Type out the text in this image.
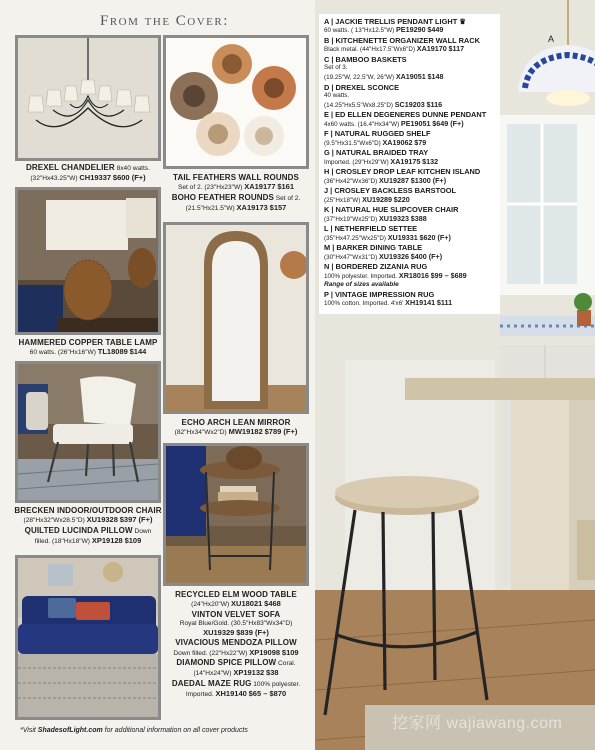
From the Cover:
DREXEL CHANDELIER 8x40 watts.
(32"Hx43.25"W) CH19337 $600 (F+)
HAMMERED COPPER TABLE LAMP
60 watts. (26"Hx16"W) TL18089 $144
BRECKEN INDOOR/OUTDOOR CHAIR
(28"Hx32"Wx28.5"D) XU19328 $397 (F+)
QUILTED LUCINDA PILLOW Down
filled. (18"Hx18"W) XP19128 $109
TAIL FEATHERS WALL ROUNDS
Set of 2. (23"Hx23"W) XA19177 $161
BOHO FEATHER ROUNDS Set of 2.
(21.5"Hx21.5"W) XA19173 $157
ECHO ARCH LEAN MIRROR
(82"Hx34"Wx2"D) MW19182 $789 (F+)
RECYCLED ELM WOOD TABLE
(24"Hx20"W) XU18021 $468
VINTON VELVET SOFA
Royal Blue/Gold. (30.5"Hx83"Wx34"D)
XU19329 $839 (F+)
VIVACIOUS MENDOZA PILLOW
Down filled. (22"Hx22"W) XP19098 $109
DIAMOND SPICE PILLOW Coral.
(14"Hx24"W) XP19132 $38
DAEDAL MAZE RUG 100% polyester.
Imported. XH19140 $65 – $870
A
挖家网 wajiawang.com
A | JACKIE TRELLIS PENDANT LIGHT ♛
60 watts. ( 13"Hx12.5"W) PE19290 $449
B | KITCHENETTE ORGANIZER WALL RACK
Black metal. (44"Hx17.5"Wx6"D) XA19170 $117
C | BAMBOO BASKETS
Set of 3.
(19.25"W, 22.5"W, 26"W) XA19051 $148
D | DREXEL SCONCE
40 watts.
(14.25"Hx5.5"Wx8.25"D) SC19203 $116
E | ED ELLEN DEGENERES DUNNE PENDANT
4x60 watts. (16.4"Hx34"W) PE19051 $649 (F+)
F | NATURAL RUGGED SHELF
(9.5"Hx31.5"Wx6"D) XA19062 $79
G | NATURAL BRAIDED TRAY
Imported. (29"Hx29"W) XA19175 $132
H | CROSLEY DROP LEAF KITCHEN ISLAND
(36"Hx42"Wx36"D) XU19287 $1300 (F+)
J | CROSLEY BACKLESS BARSTOOL
(25"Hx18"W) XU19289 $220
K | NATURAL HUE SLIPCOVER CHAIR
(37"Hx19"Wx25"D) XU19323 $388
L | NETHERFIELD SETTEE
(35"Hx47.25"Wx25"D) XU19331 $620 (F+)
M | BARKER DINING TABLE
(30"Hx47"Wx31"D) XU19326 $400 (F+)
N | BORDERED ZIZANIA RUG
100% polyester. Imported. XR18016 $99 – $689
Range of sizes available
P | VINTAGE IMPRESSION RUG
100% cotton. Imported. 4'x6' XH19141 $111
*Visit ShadesofLight.com for additional information on all cover products
